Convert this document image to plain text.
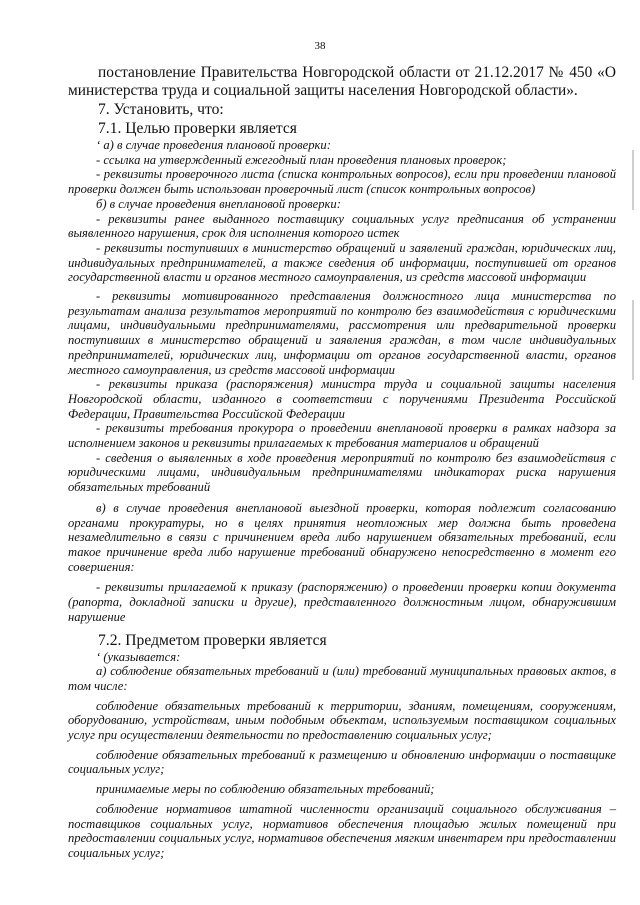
38

постановление Правительства Новгородской области от 21.12.2017 № 450 «О министерства труда и социальной защиты населения Новгородской области».

7. Установить, что:

7.1. Целью проверки является

‘ а) в случае проведения плановой проверки:

- ссылка на утвержденный ежегодный план проведения плановых проверок;

- реквизиты проверочного листа (списка контрольных вопросов), если при проведении плановой проверки должен быть использован проверочный лист (список контрольных вопросов)

б) в случае проведения внеплановой проверки:

- реквизиты ранее выданного поставщику социальных услуг предписания об устранении выявленного нарушения, срок для исполнения которого истек

- реквизиты поступивших в министерство обращений и заявлений граждан, юридических лиц, индивидуальных предпринимателей, а также сведения об информации, поступившей от органов государственной власти и органов местного самоуправления, из средств массовой информации

- реквизиты мотивированного представления должностного лица министерства по результатам анализа результатов мероприятий по контролю без взаимодействия с юридическими лицами, индивидуальными предпринимателями, рассмотрения или предварительной проверки поступивших в министерство обращений и заявления граждан, в том числе индивидуальных предпринимателей, юридических лиц, информации от органов государственной власти, органов местного самоуправления, из средств массовой информации

- реквизиты приказа (распоряжения) министра труда и социальной защиты населения Новгородской области, изданного в соответствии с поручениями Президента Российской Федерации, Правительства Российской Федерации

- реквизиты требования прокурора о проведении внеплановой проверки в рамках надзора за исполнением законов и реквизиты прилагаемых к требования материалов и обращений

- сведения о выявленных в ходе проведения мероприятий по контролю без взаимодействия с юридическими лицами, индивидуальным предпринимателями индикаторах риска нарушения обязательных требований

в) в случае проведения внеплановой выездной проверки, которая подлежит согласованию органами прокуратуры, но в целях принятия неотложных мер должна быть проведена незамедлительно в связи с причинением вреда либо нарушением обязательных требований, если такое причинение вреда либо нарушение требований обнаружено непосредственно в момент его совершения:

- реквизиты прилагаемой к приказу (распоряжению) о проведении проверки копии документа (рапорта, докладной записки и другие), представленного должностным лицом, обнаружившим нарушение

7.2. Предметом проверки является

‘ (указывается:

а) соблюдение обязательных требований и (или) требований муниципальных правовых актов, в том числе:

соблюдение обязательных требований к территории, зданиям, помещениям, сооружениям, оборудованию, устройствам, иным подобным объектам, используемым поставщиком социальных услуг при осуществлении деятельности по предоставлению социальных услуг;

соблюдение обязательных требований к размещению и обновлению информации о поставщике социальных услуг;

принимаемые меры по соблюдению обязательных требований;

соблюдение нормативов штатной численности организаций социального обслуживания – поставщиков социальных услуг, нормативов обеспечения площадью жилых помещений при предоставлении социальных услуг, нормативов обеспечения мягким инвентарем при предоставлении социальных услуг;
